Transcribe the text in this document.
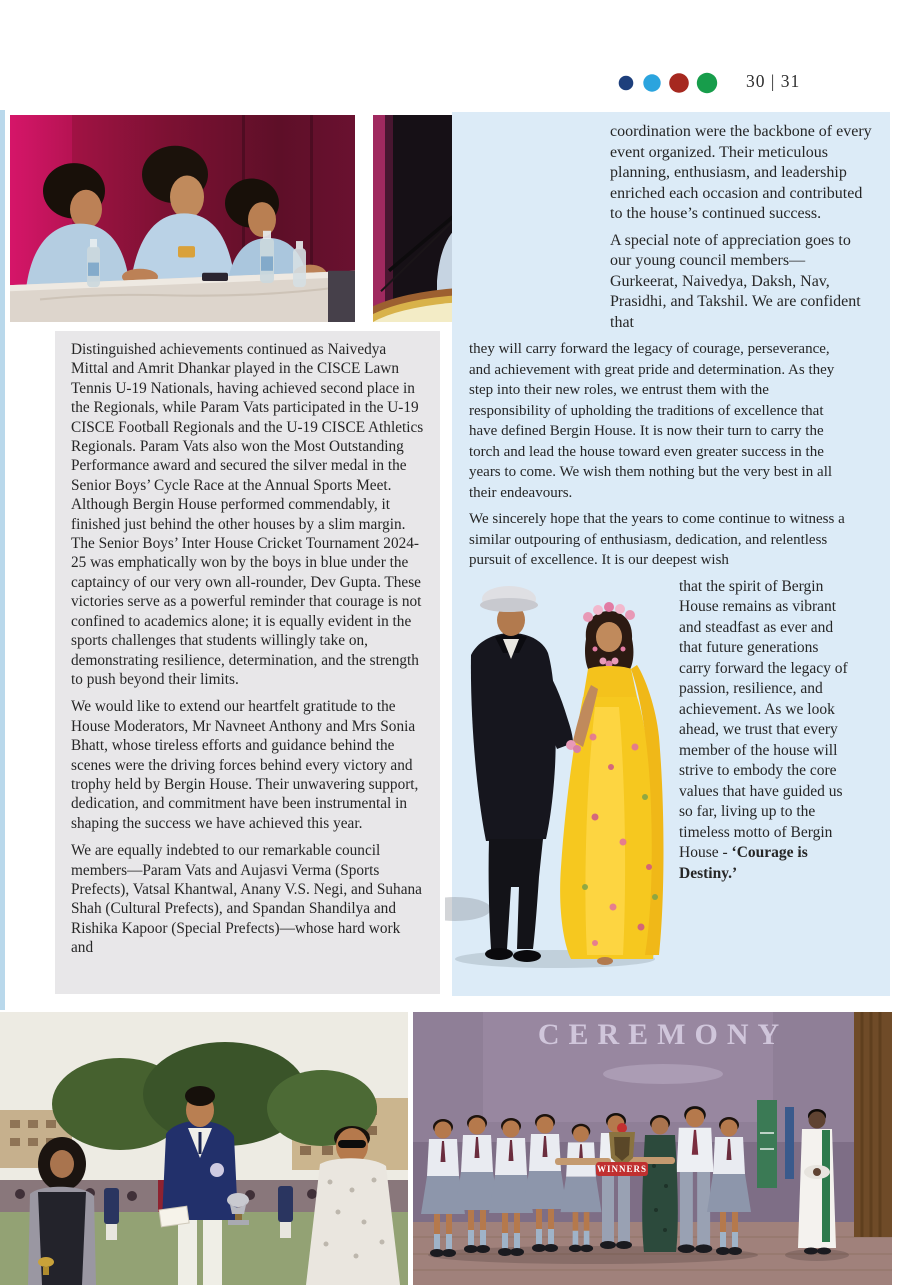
30 | 31

Distinguished achievements continued as Naivedya Mittal and Amrit Dhankar played in the CISCE Lawn Tennis U-19 Nationals, having achieved second place in the Regionals, while Param Vats participated in the U-19 CISCE Football Regionals and the U-19 CISCE Athletics Regionals. Param Vats also won the Most Outstanding Performance award and secured the silver medal in the Senior Boys’ Cycle Race at the Annual Sports Meet. Although Bergin House performed commendably, it finished just behind the other houses by a slim margin. The Senior Boys’ Inter House Cricket Tournament 2024-25 was emphatically won by the boys in blue under the captaincy of our very own all-rounder, Dev Gupta. These victories serve as a powerful reminder that courage is not confined to academics alone; it is equally evident in the sports challenges that students willingly take on, demonstrating resilience, determination, and the strength to push beyond their limits.

We would like to extend our heartfelt gratitude to the House Moderators, Mr Navneet Anthony and Mrs Sonia Bhatt, whose tireless efforts and guidance behind the scenes were the driving forces behind every victory and trophy held by Bergin House. Their unwavering support, dedication, and commitment have been instrumental in shaping the success we have achieved this year.

We are equally indebted to our remarkable council members—Param Vats and Aujasvi Verma (Sports Prefects), Vatsal Khantwal, Anany V.S. Negi, and Suhana Shah (Cultural Prefects), and Spandan Shandilya and Rishika Kapoor (Special Prefects)—whose hard work and

coordination were the backbone of every event organized. Their meticulous planning, enthusiasm, and leadership enriched each occasion and contributed to the house’s continued success.

A special note of appreciation goes to our young council members—Gurkeerat, Naivedya, Daksh, Nav, Prasidhi, and Takshil. We are confident that

they will carry forward the legacy of courage, perseverance, and achievement with great pride and determination. As they step into their new roles, we entrust them with the responsibility of upholding the traditions of excellence that have defined Bergin House. It is now their turn to carry the torch and lead the house toward even greater success in the years to come. We wish them nothing but the very best in all their endeavours.

We sincerely hope that the years to come continue to witness a similar outpouring of enthusiasm, dedication, and relentless pursuit of excellence. It is our deepest wish

that the spirit of Bergin House remains as vibrant and steadfast as ever and that future generations carry forward the legacy of passion, resilience, and achievement. As we look ahead, we trust that every member of the house will strive to embody the core values that have guided us so far, living up to the timeless motto of Bergin House - ‘Courage is Destiny.’

CEREMONY
WINNERS
